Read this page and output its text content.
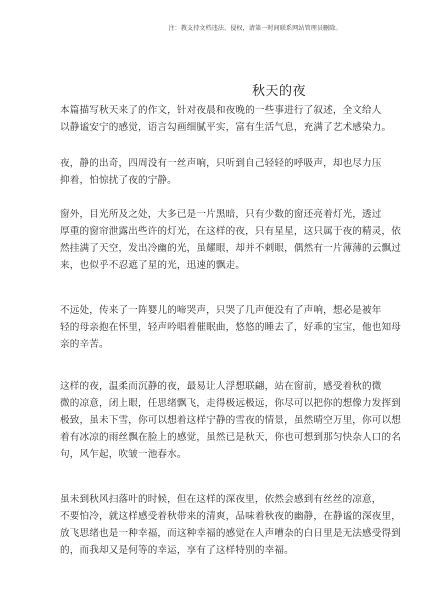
注：教支持文档违法、侵权，请第一时间联系网站管理员删除。
秋天的夜
本篇描写秋天来了的作文，针对夜晨和夜晚的一些事进行了叙述，全文给人
以静谧安宁的感觉，语言勾画细腻平实，富有生活气息，充满了艺术感染力。
夜，静的出奇，四周没有一丝声响，只听到自己轻轻的呼吸声，却也尽力压
抑着，怕惊扰了夜的宁静。
窗外，目光所及之处，大多已是一片黑暗，只有少数的窗还亮着灯光，透过
厚重的窗帘泄露出些许的灯光，在这样的夜，只有星星，这只属于夜的精灵，依
然挂满了天空，发出冷幽的光，虽耀眼，却并不刺眼，偶然有一片薄薄的云飘过
来，也似乎不忍遮了星的光，迅速的飘走。
不远处，传来了一阵婴儿的啼哭声，只哭了几声便没有了声响，想必是被年
轻的母亲抱在怀里，轻声吟唱着催眠曲，悠悠的睡去了，好乖的宝宝，他也知母
亲的辛苦。
这样的夜，温柔而沉静的夜，最易让人浮想联翩，站在窗前，感受着秋的微
微的凉意，闭上眼，任思绪飘飞，走得极远极远，你尽可以把你的想像力发挥到
极致，虽未下雪，你可以想着这样宁静的雪夜的情景，虽然晴空万里，你可以想
着有冰凉的雨丝飘在脸上的感觉，虽然已是秋天，你也可想到那匀快杂人口的名
句，风乍起，吹皱一池春水。
虽未到秋风扫落叶的时候，但在这样的深夜里，依然会感到有丝丝的凉意，
不要怕冷，就这样感受着秋带来的清爽，品味着秋夜的幽静，在静谧的深夜里，
放飞思绪也是一种幸福，而这种幸福的感觉在人声嘈杂的白日里是无法感受得到
的，而我却又是何等的幸运，享有了这样特别的幸福。
